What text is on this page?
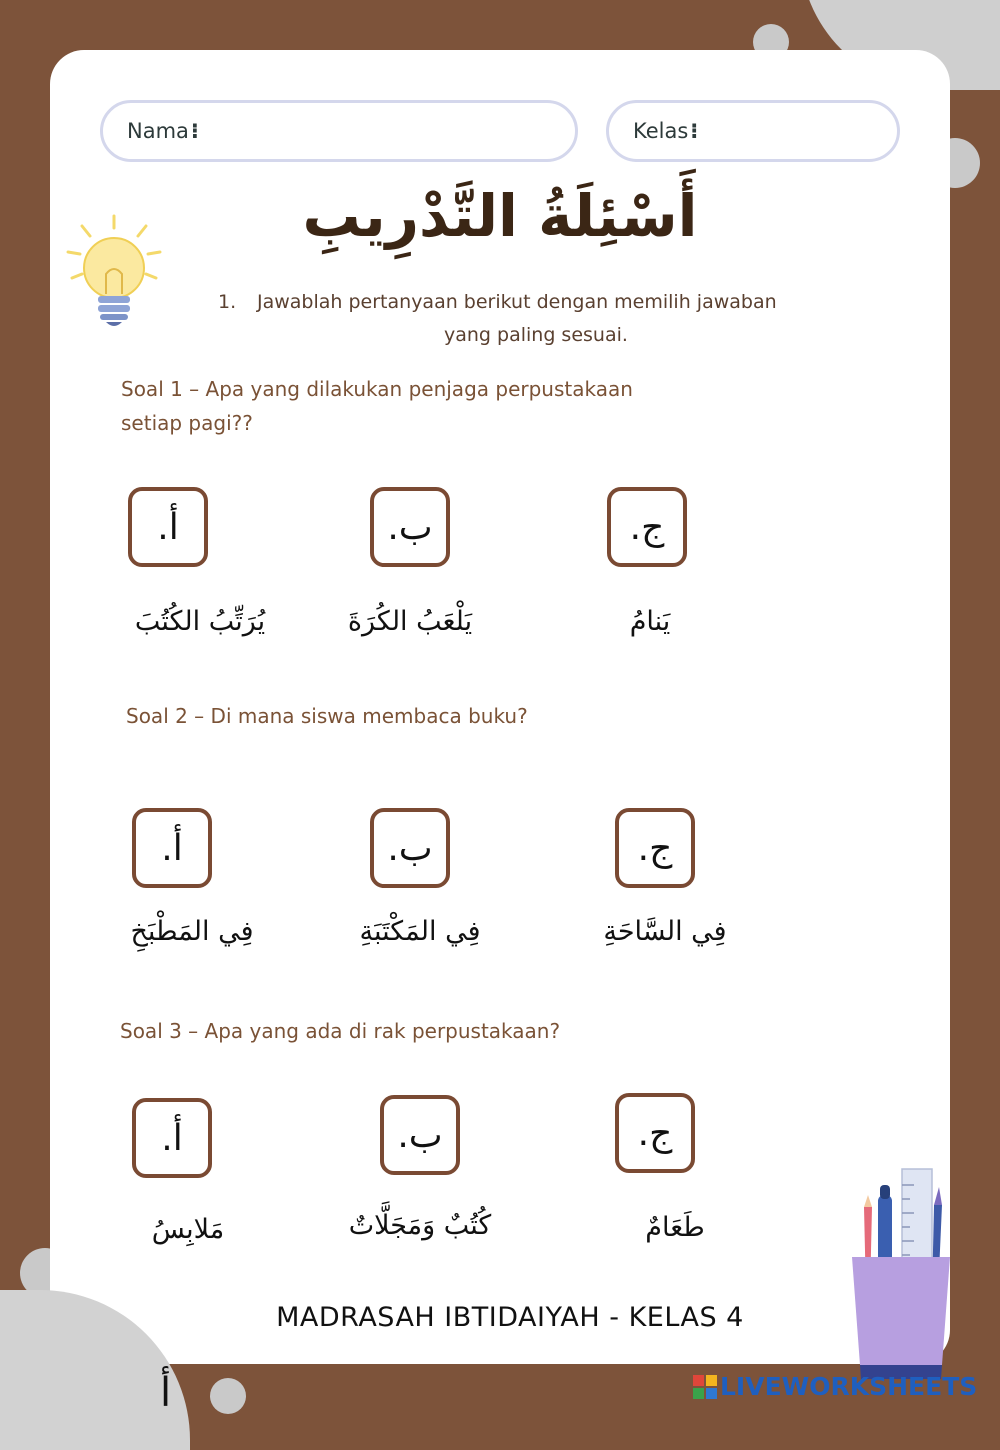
Nama ⁝	Kelas ⁝
أَسْئِلَةُ التَّدْرِيبِ
1. Jawablah pertanyaan berikut dengan memilih jawaban
yang paling sesuai.
Soal 1 – Apa yang dilakukan penjaga perpustakaan
setiap pagi??
أ.	ب.	ج.
يُرَتِّبُ الكُتُبَ	يَلْعَبُ الكُرَةَ	يَنامُ
Soal 2 – Di mana siswa membaca buku?
أ.	ب.	ج.
فِي المَطْبَخِ	فِي المَكْتَبَةِ	فِي السَّاحَةِ
Soal 3 – Apa yang ada di rak perpustakaan?
أ.	ب.	ج.
مَلابِسُ	كُتُبٌ وَمَجَلَّاتٌ	طَعَامٌ
MADRASAH IBTIDAIYAH - KELAS 4
أ	LIVEWORKSHEETS
